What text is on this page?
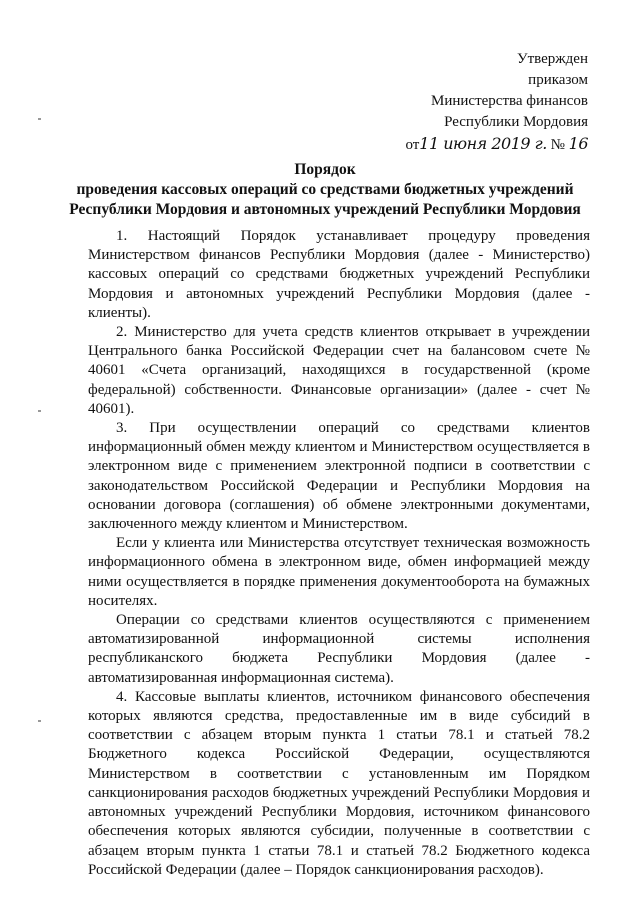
Утвержден
приказом
Министерства финансов
Республики Мордовия
от11 июня 2019 г. № 16
Порядок
проведения кассовых операций со средствами бюджетных учреждений
Республики Мордовия и автономных учреждений Республики Мордовия

1. Настоящий Порядок устанавливает процедуру проведения Министерством финансов Республики Мордовия (далее - Министерство) кассовых операций со средствами бюджетных учреждений Республики Мордовия и автономных учреждений Республики Мордовия (далее - клиенты).

2. Министерство для учета средств клиентов открывает в учреждении Центрального банка Российской Федерации счет на балансовом счете № 40601 «Счета организаций, находящихся в государственной (кроме федеральной) собственности. Финансовые организации» (далее - счет № 40601).

3. При осуществлении операций со средствами клиентов информационный обмен между клиентом и Министерством осуществляется в электронном виде с применением электронной подписи в соответствии с законодательством Российской Федерации и Республики Мордовия на основании договора (соглашения) об обмене электронными документами, заключенного между клиентом и Министерством.

Если у клиента или Министерства отсутствует техническая возможность информационного обмена в электронном виде, обмен информацией между ними осуществляется в порядке применения документооборота на бумажных носителях.

Операции со средствами клиентов осуществляются с применением автоматизированной информационной системы исполнения республиканского бюджета Республики Мордовия (далее - автоматизированная информационная система).

4. Кассовые выплаты клиентов, источником финансового обеспечения которых являются средства, предоставленные им в виде субсидий в соответствии с абзацем вторым пункта 1 статьи 78.1 и статьей 78.2 Бюджетного кодекса Российской Федерации, осуществляются Министерством в соответствии с установленным им Порядком санкционирования расходов бюджетных учреждений Республики Мордовия и автономных учреждений Республики Мордовия, источником финансового обеспечения которых являются субсидии, полученные в соответствии с абзацем вторым пункта 1 статьи 78.1 и статьей 78.2 Бюджетного кодекса Российской Федерации (далее – Порядок санкционирования расходов).
